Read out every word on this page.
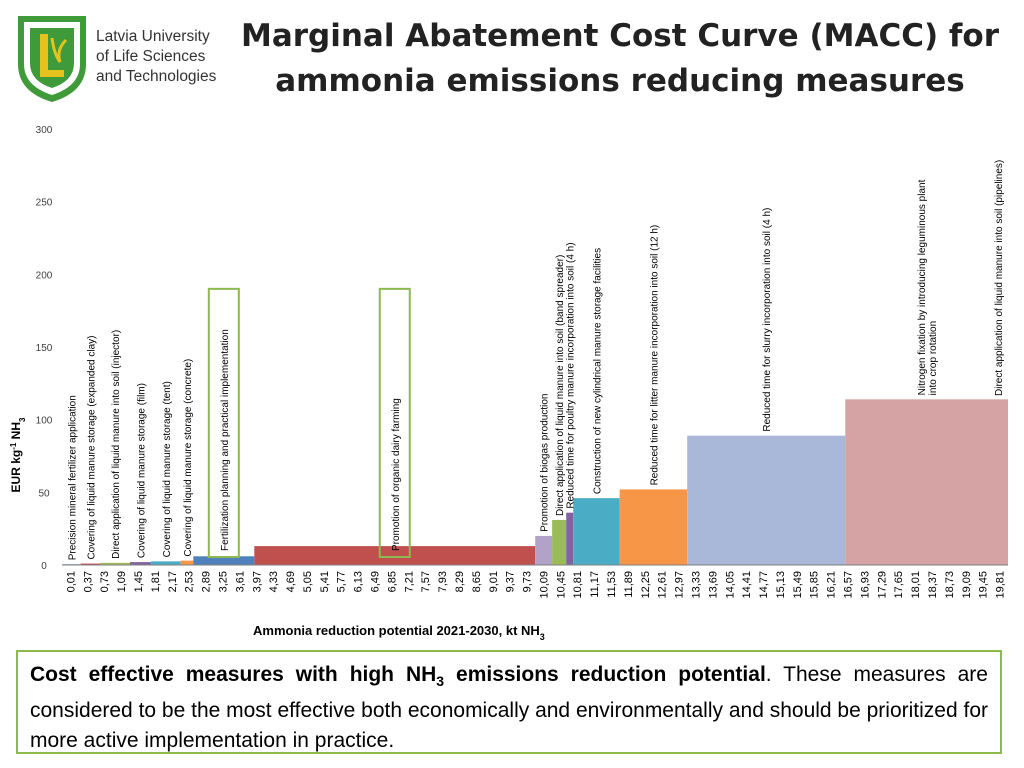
Latvia University
of Life Sciences
and Technologies
Marginal Abatement Cost Curve (MACC) for
ammonia emissions reducing measures
Precision mineral fertilizer application Covering of liquid manure storage (expanded clay) Direct application of liquid manure into soil (injector) Covering of liquid manure storage (film) Covering of liquid manure storage (tent) Covering of liquid manure storage (concrete)	Fertilization planning and practical implementation	Promotion of organic dairy farming	Promotion of biogas production Direct application of liquid manure into soil (band spreader) Reduced time for poultry manure incorporation into soil (4 h) Construction of new cylindrical manure storage facilities	Reduced time for litter manure incorporation into soil (12 h)	Reduced time for slurry incorporation into soil (4 h)	Nitrogen fixation by introducing leguminous plant into crop rotation	Direct application of liquid manure into soil (pipelines)
0
50
100
150
200
250
300
0,01 0,37 0,73 1,09 1,45 1,81 2,17 2,53 2,89 3,25 3,61 3,97 4,33 4,69 5,05 5,41 5,77 6,13 6,49 6,85 7,21 7,57 7,93 8,29 8,65 9,01 9,37 9,73 10,09 10,45 10,81 11,17 11,53 11,89 12,25 12,61 12,97 13,33 13,69 14,05 14,41 14,77 15,13 15,49 15,85 16,21 16,57 16,93 17,29 17,65 18,01 18,37 18,73 19,09 19,45 19,81
EUR $kg^{-1}$ $NH_3$
Ammonia reduction potential 2021-2030, kt $NH_3$
Cost effective measures with high $NH_3$ emissions reduction potential. These measures are considered to be the most effective both economically and environmentally and should be prioritized for more active implementation in practice.
